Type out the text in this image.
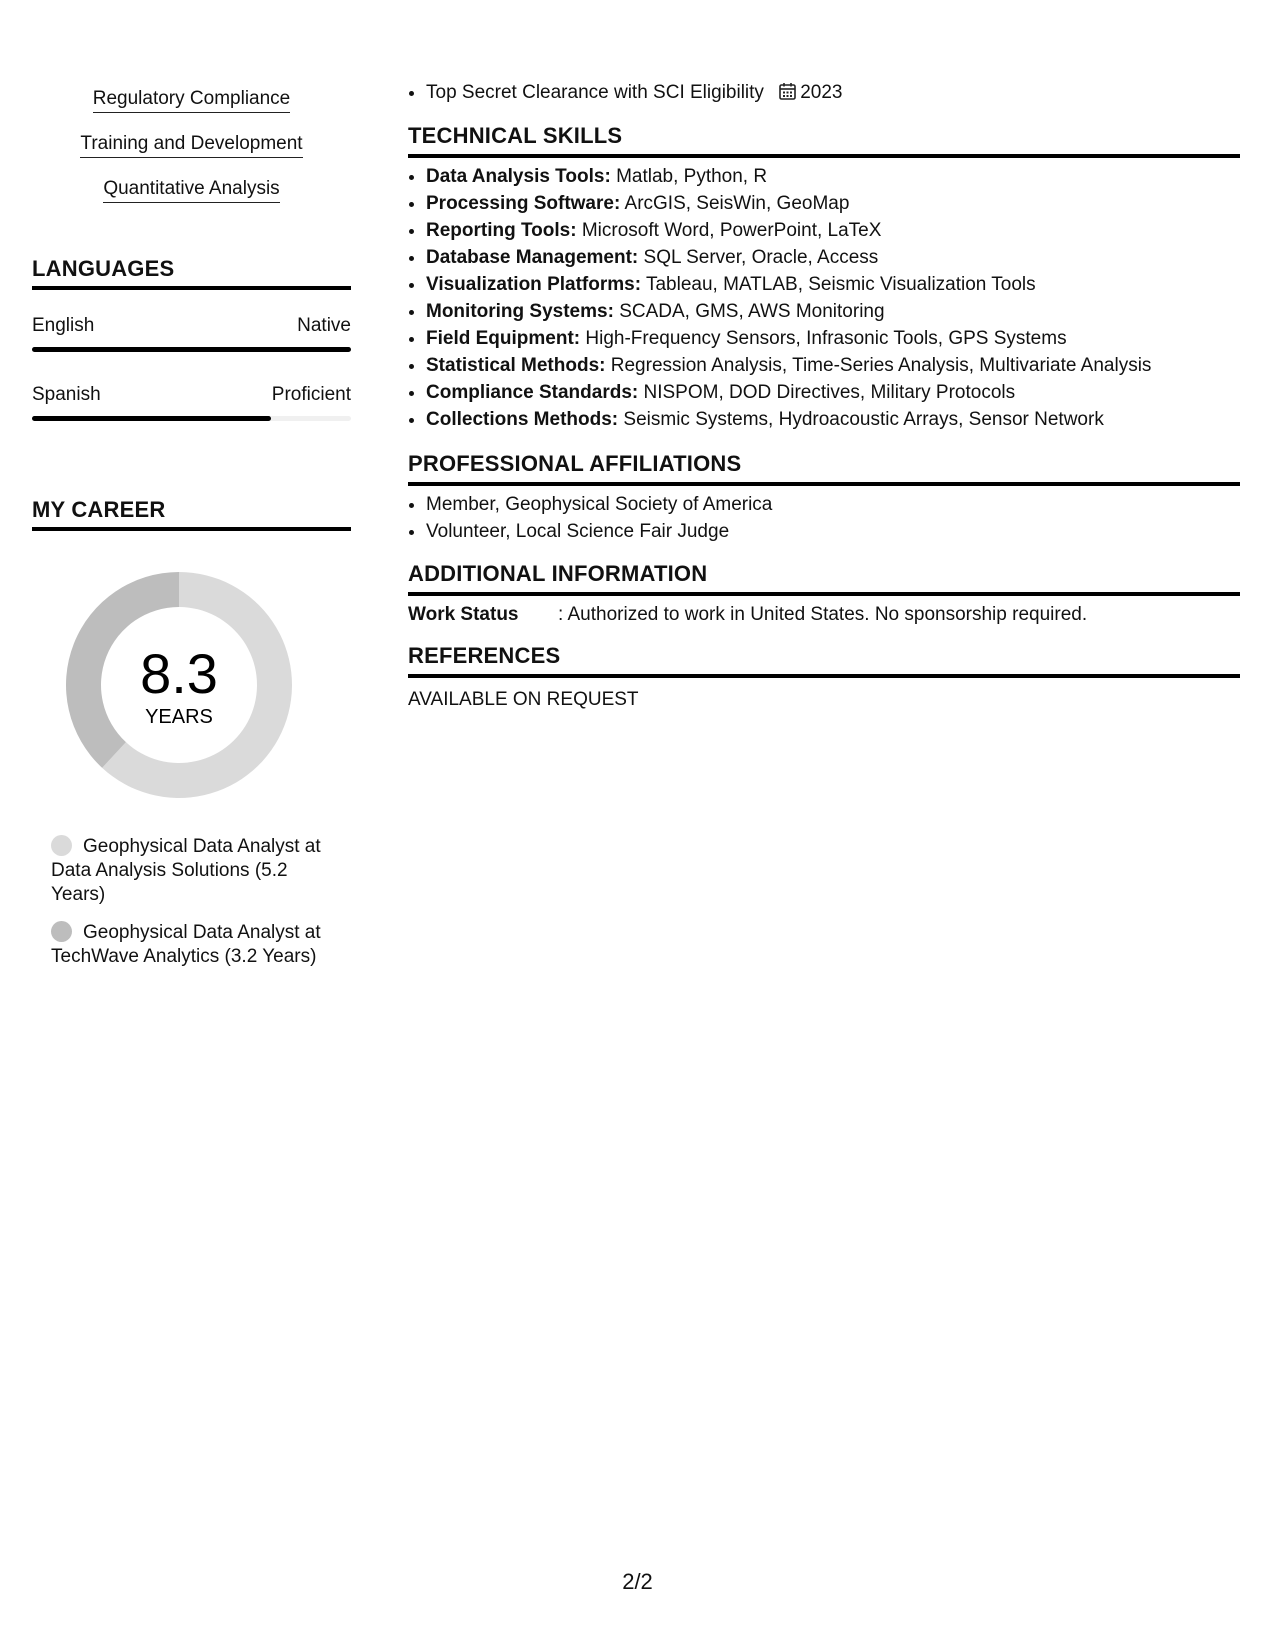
Regulatory Compliance
Training and Development
Quantitative Analysis
LANGUAGES
English	Native
Spanish	Proficient
MY CAREER
8.3
YEARS
Geophysical Data Analyst at Data Analysis Solutions (5.2 Years)
Geophysical Data Analyst at TechWave Analytics (3.2 Years)
• Top Secret Clearance with SCI Eligibility 2023
TECHNICAL SKILLS
• Data Analysis Tools: Matlab, Python, R
• Processing Software: ArcGIS, SeisWin, GeoMap
• Reporting Tools: Microsoft Word, PowerPoint, LaTeX
• Database Management: SQL Server, Oracle, Access
• Visualization Platforms: Tableau, MATLAB, Seismic Visualization Tools
• Monitoring Systems: SCADA, GMS, AWS Monitoring
• Field Equipment: High-Frequency Sensors, Infrasonic Tools, GPS Systems
• Statistical Methods: Regression Analysis, Time-Series Analysis, Multivariate Analysis
• Compliance Standards: NISPOM, DOD Directives, Military Protocols
• Collections Methods: Seismic Systems, Hydroacoustic Arrays, Sensor Network
PROFESSIONAL AFFILIATIONS
• Member, Geophysical Society of America
• Volunteer, Local Science Fair Judge
ADDITIONAL INFORMATION
Work Status : Authorized to work in United States. No sponsorship required.
REFERENCES
AVAILABLE ON REQUEST
2/2
